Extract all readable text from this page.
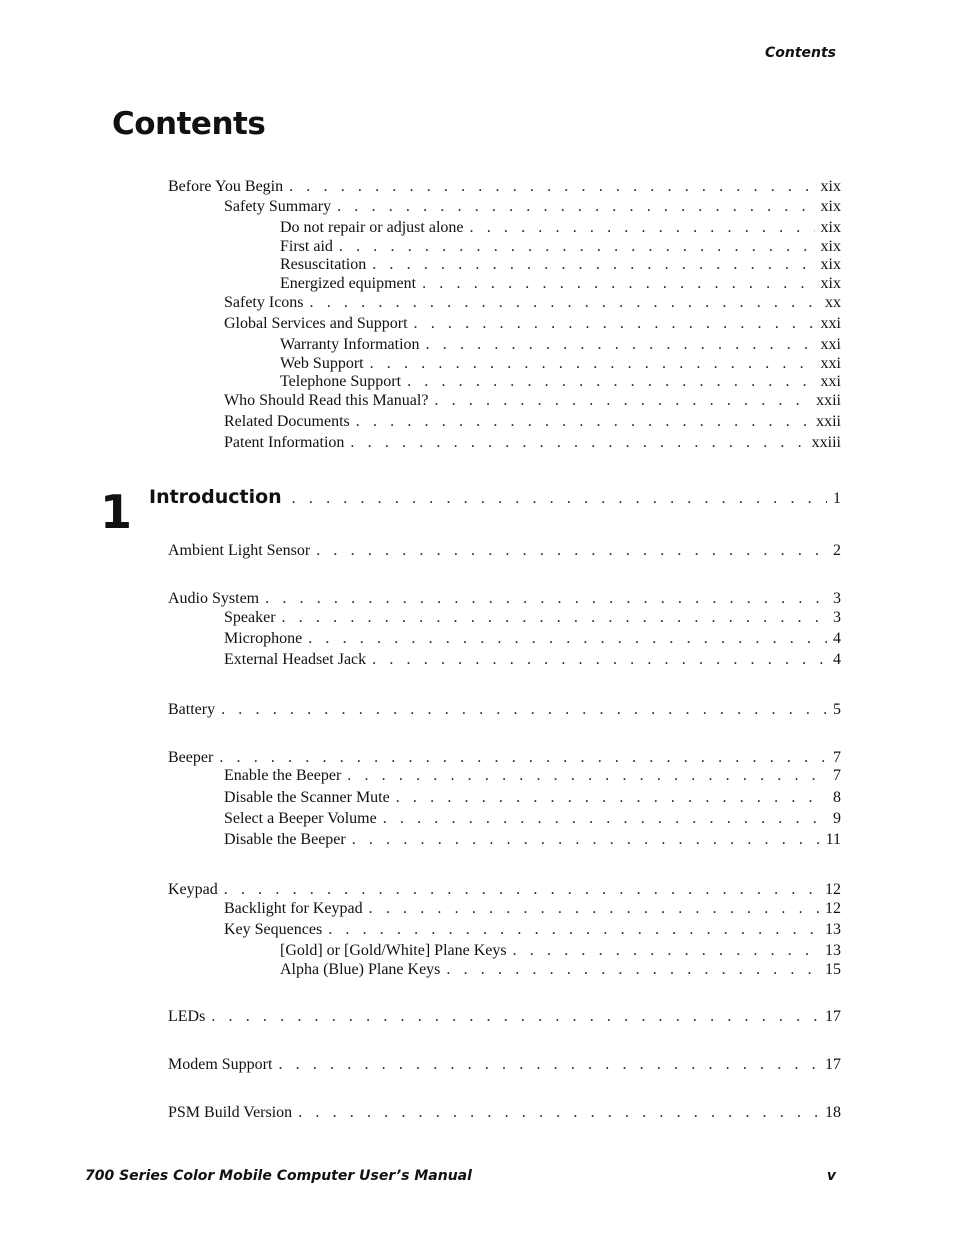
Contents
Contents
Before You Begin . . .	xix
Safety Summary . . .	xix
Do not repair or adjust alone . . .	xix
First aid . . .	xix
Resuscitation . . .	xix
Energized equipment . . .	xix
Safety Icons . . .	xx
Global Services and Support . . .	xxi
Warranty Information . . .	xxi
Web Support . . .	xxi
Telephone Support . . .	xxi
Who Should Read this Manual? . . .	xxii
Related Documents . . .	xxii
Patent Information . . .	xxiii
1 Introduction . . .	1
Ambient Light Sensor . . .	2
Audio System . . .	3
Speaker . . .	3
Microphone . . .	4
External Headset Jack . . .	4
Battery . . .	5
Beeper . . .	7
Enable the Beeper . . .	7
Disable the Scanner Mute . . .	8
Select a Beeper Volume . . .	9
Disable the Beeper . . .	11
Keypad . . .	12
Backlight for Keypad . . .	12
Key Sequences . . .	13
[Gold] or [Gold/White] Plane Keys . . .	13
Alpha (Blue) Plane Keys . . .	15
LEDs . . .	17
Modem Support . . .	17
PSM Build Version . . .	18
700 Series Color Mobile Computer User’s Manual	v
